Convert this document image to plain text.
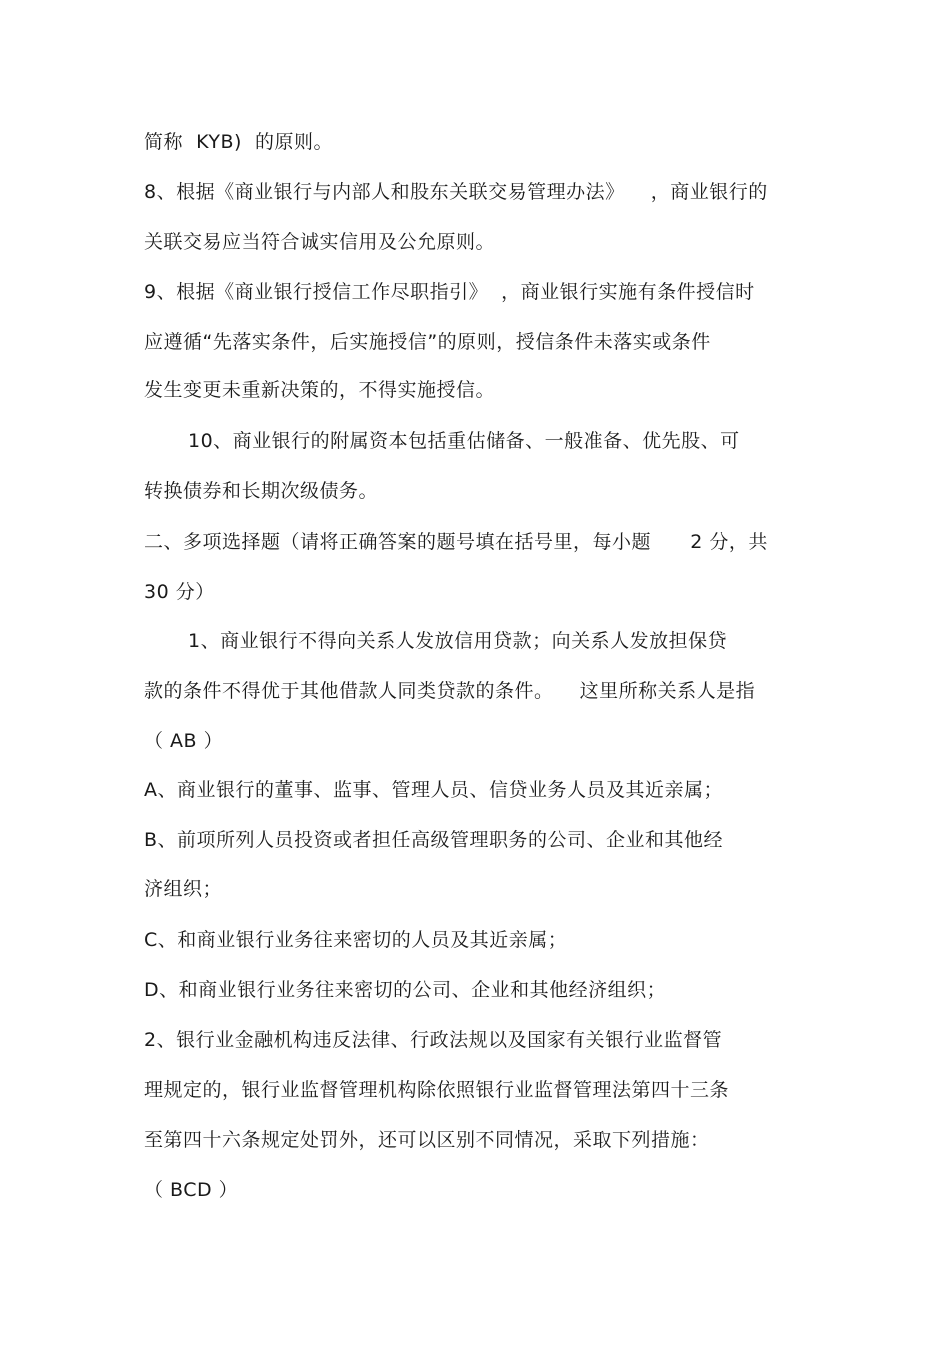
简称  KYB)  的原则。
8、根据《商业银行与内部人和股东关联交易管理办法》    ，商业银行的
关联交易应当符合诚实信用及公允原则。
9、根据《商业银行授信工作尽职指引》  ，商业银行实施有条件授信时
应遵循“先落实条件，后实施授信”的原则，授信条件未落实或条件
发生变更未重新决策的，不得实施授信。
10、商业银行的附属资本包括重估储备、一般准备、优先股、可
转换债券和长期次级债务。
二、多项选择题（请将正确答案的题号填在括号里，每小题      2 分，共
30 分）
1、商业银行不得向关系人发放信用贷款；向关系人发放担保贷
款的条件不得优于其他借款人同类贷款的条件。    这里所称关系人是指
（ AB ）
A、商业银行的董事、监事、管理人员、信贷业务人员及其近亲属；
B、前项所列人员投资或者担任高级管理职务的公司、企业和其他经
济组织；
C、和商业银行业务往来密切的人员及其近亲属；
D、和商业银行业务往来密切的公司、企业和其他经济组织；
2、银行业金融机构违反法律、行政法规以及国家有关银行业监督管
理规定的，银行业监督管理机构除依照银行业监督管理法第四十三条
至第四十六条规定处罚外，还可以区别不同情况，采取下列措施：
（ BCD ）
